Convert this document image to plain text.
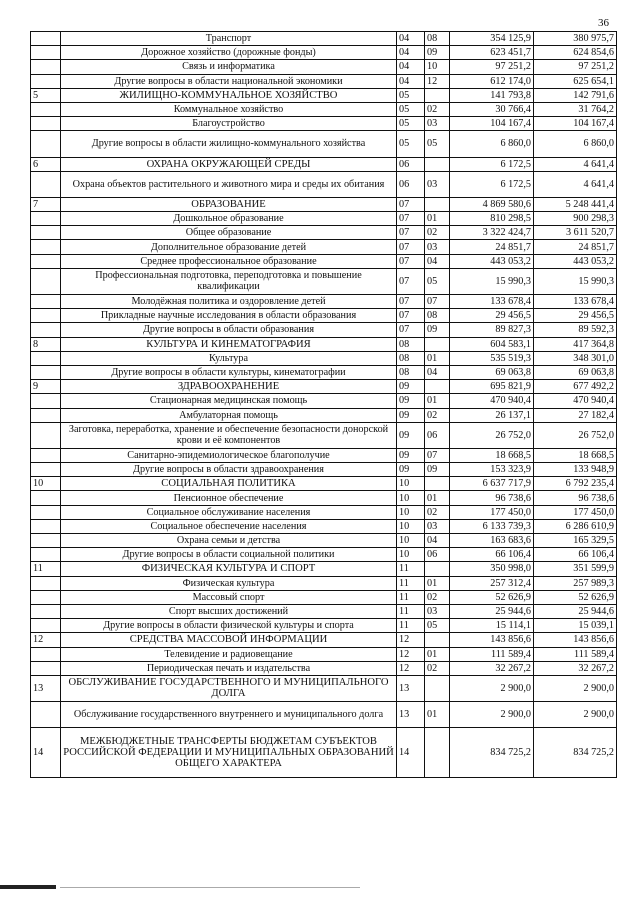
36
	Транспорт	04	08	354 125,9	380 975,7
	Дорожное хозяйство (дорожные фонды)	04	09	623 451,7	624 854,6
	Связь и информатика	04	10	97 251,2	97 251,2
	Другие вопросы в области национальной экономики	04	12	612 174,0	625 654,1
5	ЖИЛИЩНО-КОММУНАЛЬНОЕ ХОЗЯЙСТВО	05		141 793,8	142 791,6
	Коммунальное хозяйство	05	02	30 766,4	31 764,2
	Благоустройство	05	03	104 167,4	104 167,4
	Другие вопросы в области жилищно-коммунального хозяйства	05	05	6 860,0	6 860,0
6	ОХРАНА ОКРУЖАЮЩЕЙ СРЕДЫ	06		6 172,5	4 641,4
	Охрана объектов растительного и животного мира и среды их обитания	06	03	6 172,5	4 641,4
7	ОБРАЗОВАНИЕ	07		4 869 580,6	5 248 441,4
	Дошкольное образование	07	01	810 298,5	900 298,3
	Общее образование	07	02	3 322 424,7	3 611 520,7
	Дополнительное образование детей	07	03	24 851,7	24 851,7
	Среднее профессиональное образование	07	04	443 053,2	443 053,2
	Профессиональная подготовка, переподготовка и повышение квалификации	07	05	15 990,3	15 990,3
	Молодёжная политика и оздоровление детей	07	07	133 678,4	133 678,4
	Прикладные научные исследования в области образования	07	08	29 456,5	29 456,5
	Другие вопросы в области образования	07	09	89 827,3	89 592,3
8	КУЛЬТУРА И КИНЕМАТОГРАФИЯ	08		604 583,1	417 364,8
	Культура	08	01	535 519,3	348 301,0
	Другие вопросы в области культуры, кинематографии	08	04	69 063,8	69 063,8
9	ЗДРАВООХРАНЕНИЕ	09		695 821,9	677 492,2
	Стационарная медицинская помощь	09	01	470 940,4	470 940,4
	Амбулаторная помощь	09	02	26 137,1	27 182,4
	Заготовка, переработка, хранение и обеспечение безопасности донорской крови и её компонентов	09	06	26 752,0	26 752,0
	Санитарно-эпидемиологическое благополучие	09	07	18 668,5	18 668,5
	Другие вопросы в области здравоохранения	09	09	153 323,9	133 948,9
10	СОЦИАЛЬНАЯ ПОЛИТИКА	10		6 637 717,9	6 792 235,4
	Пенсионное обеспечение	10	01	96 738,6	96 738,6
	Социальное обслуживание населения	10	02	177 450,0	177 450,0
	Социальное обеспечение населения	10	03	6 133 739,3	6 286 610,9
	Охрана семьи и детства	10	04	163 683,6	165 329,5
	Другие вопросы в области социальной политики	10	06	66 106,4	66 106,4
11	ФИЗИЧЕСКАЯ КУЛЬТУРА И СПОРТ	11		350 998,0	351 599,9
	Физическая культура	11	01	257 312,4	257 989,3
	Массовый спорт	11	02	52 626,9	52 626,9
	Спорт высших достижений	11	03	25 944,6	25 944,6
	Другие вопросы в области физической культуры и спорта	11	05	15 114,1	15 039,1
12	СРЕДСТВА МАССОВОЙ ИНФОРМАЦИИ	12		143 856,6	143 856,6
	Телевидение и радиовещание	12	01	111 589,4	111 589,4
	Периодическая печать и издательства	12	02	32 267,2	32 267,2
13	ОБСЛУЖИВАНИЕ ГОСУДАРСТВЕННОГО И МУНИЦИПАЛЬНОГО ДОЛГА	13		2 900,0	2 900,0
	Обслуживание государственного внутреннего и муниципального долга	13	01	2 900,0	2 900,0
14	МЕЖБЮДЖЕТНЫЕ ТРАНСФЕРТЫ БЮДЖЕТАМ СУБЪЕКТОВ РОССИЙСКОЙ ФЕДЕРАЦИИ И МУНИЦИПАЛЬНЫХ ОБРАЗОВАНИЙ ОБЩЕГО ХАРАКТЕРА	14		834 725,2	834 725,2
